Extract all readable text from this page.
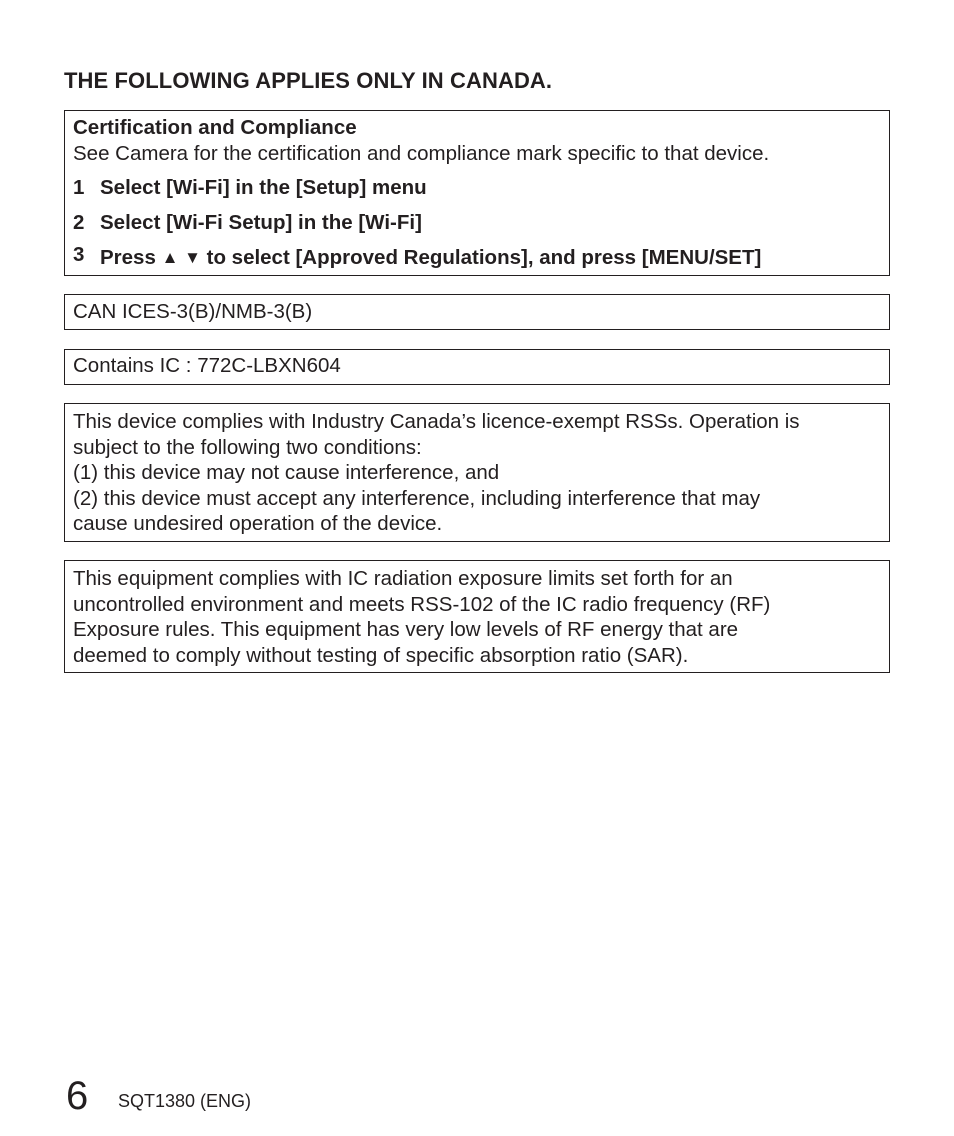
THE FOLLOWING APPLIES ONLY IN CANADA.
Certification and Compliance
See Camera for the certification and compliance mark specific to that device.
1 Select [Wi-Fi] in the [Setup] menu
2 Select [Wi-Fi Setup] in the [Wi-Fi]
3 Press ▲ ▼ to select [Approved Regulations], and press [MENU/SET]
CAN ICES-3(B)/NMB-3(B)
Contains IC : 772C-LBXN604
This device complies with Industry Canada’s licence-exempt RSSs. Operation is
subject to the following two conditions:
(1) this device may not cause interference, and
(2) this device must accept any interference, including interference that may
cause undesired operation of the device.
This equipment complies with IC radiation exposure limits set forth for an
uncontrolled environment and meets RSS-102 of the IC radio frequency (RF)
Exposure rules. This equipment has very low levels of RF energy that are
deemed to comply without testing of specific absorption ratio (SAR).
6 SQT1380 (ENG)
